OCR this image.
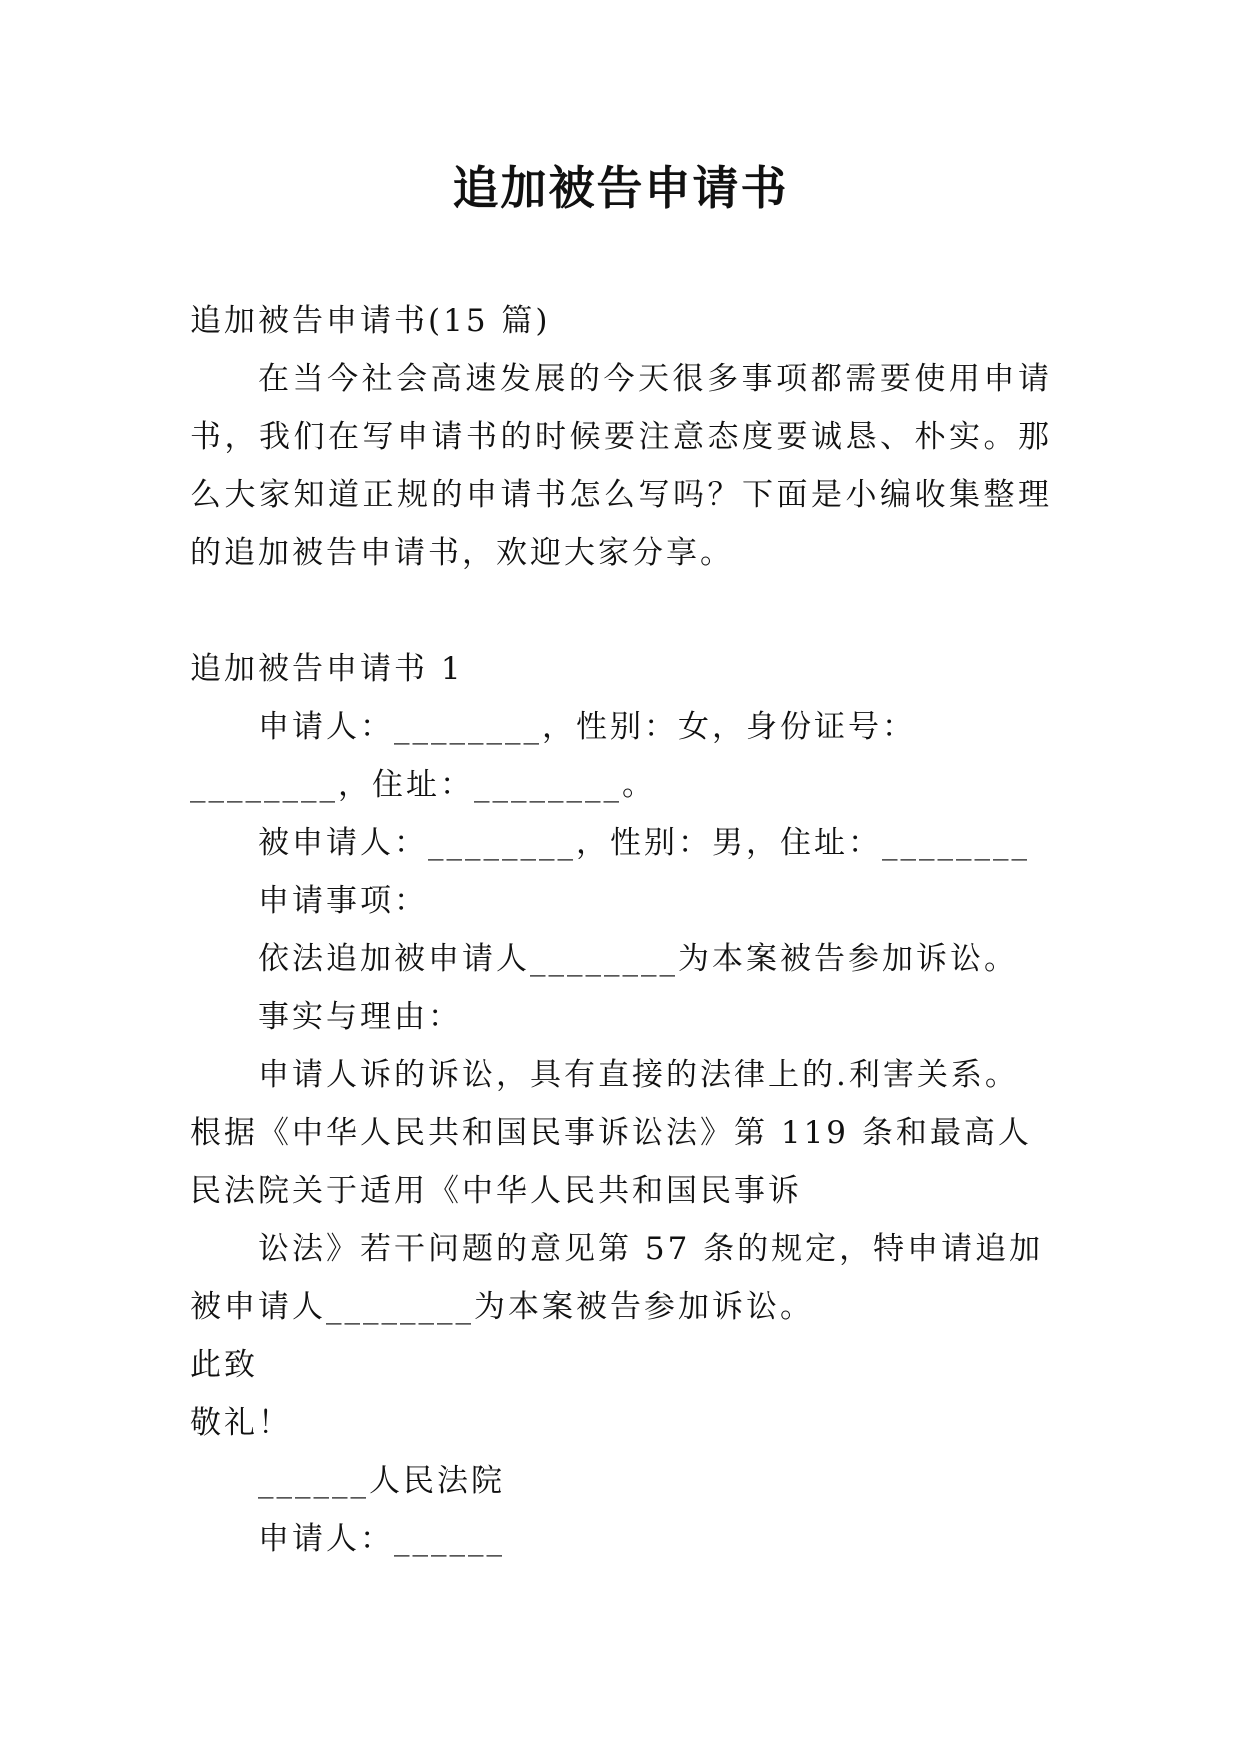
追加被告申请书

追加被告申请书(15 篇)

在当今社会高速发展的今天很多事项都需要使用申请书，我们在写申请书的时候要注意态度要诚恳、朴实。那么大家知道正规的申请书怎么写吗？下面是小编收集整理的追加被告申请书，欢迎大家分享。

追加被告申请书 1

申请人：________，性别：女，身份证号：________，住址：________。

被申请人：________，性别：男，住址：________

申请事项：

依法追加被申请人________为本案被告参加诉讼。

事实与理由：

申请人诉的诉讼，具有直接的法律上的.利害关系。根据《中华人民共和国民事诉讼法》第 119 条和最高人民法院关于适用《中华人民共和国民事诉

讼法》若干问题的意见第 57 条的规定，特申请追加被申请人________为本案被告参加诉讼。

此致

敬礼！

______人民法院

申请人：______
